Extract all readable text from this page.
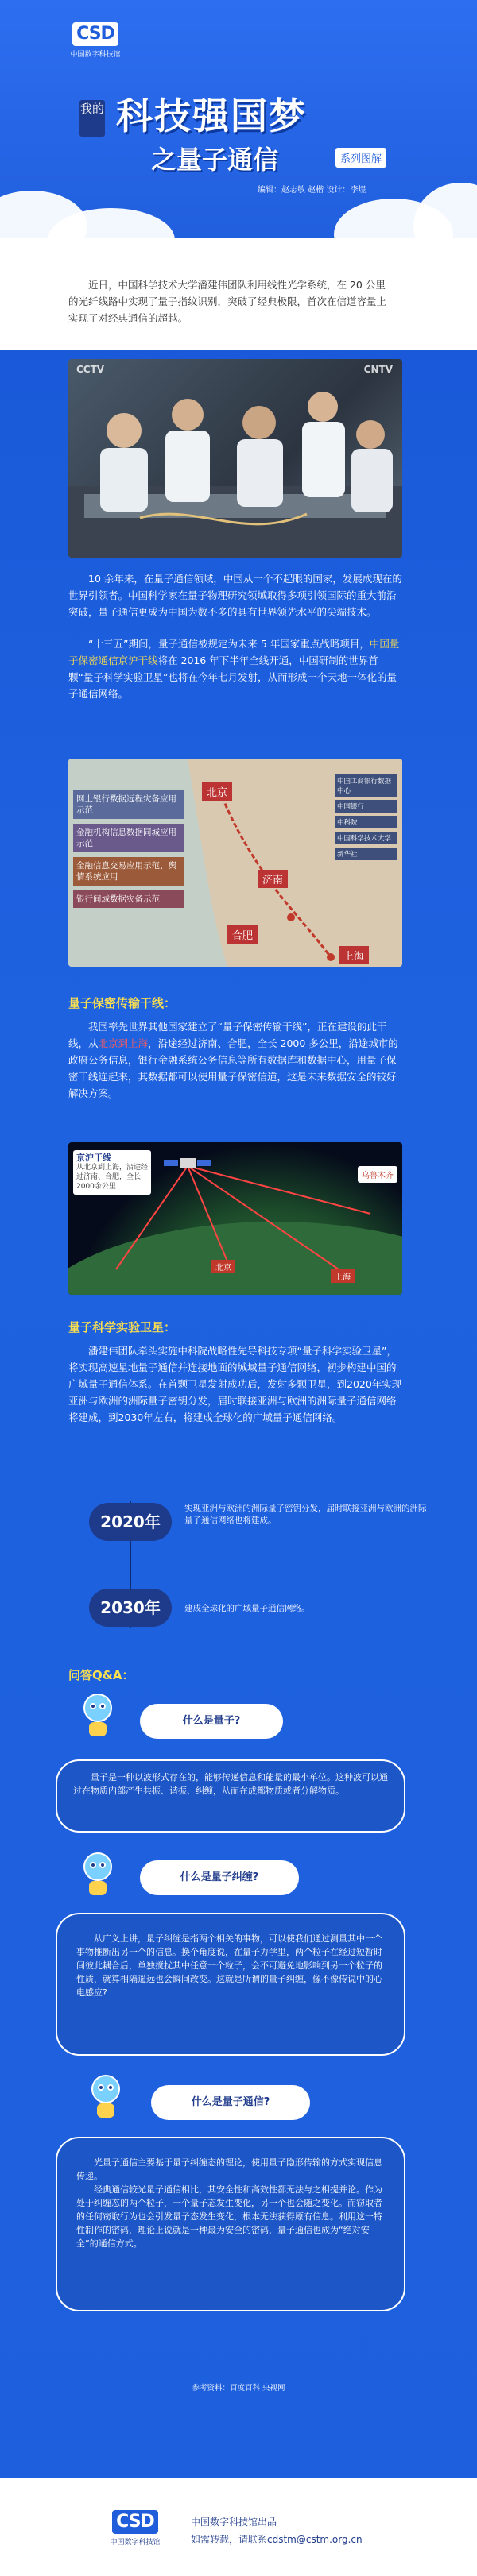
CSD
中国数字科技馆
我的 科技强国梦
之量子通信	系列图解
编辑：赵志敏 赵楷 设计：李煜

近日，中国科学技术大学潘建伟团队利用线性光学系统，在 20 公里的光纤线路中实现了量子指纹识别，突破了经典极限，首次在信道容量上实现了对经典通信的超越。

CCTV	CNTV

10 余年来，在量子通信领域，中国从一个不起眼的国家，发展成现在的世界引领者。中国科学家在量子物理研究领域取得多项引领国际的重大前沿突破，量子通信更成为中国为数不多的具有世界领先水平的尖端技术。

“十三五”期间，量子通信被规定为未来 5 年国家重点战略项目，中国量子保密通信京沪干线将在 2016 年下半年全线开通，中国研制的世界首颗“量子科学实验卫星”也将在今年七月发射，从而形成一个天地一体化的量子通信网络。

网上银行数据远程灾备应用示范
金融机构信息数据同城应用示范
金融信息交易应用示范、舆情系统应用
银行间域数据灾备示范
北京
济南
合肥
上海
中国工商银行数据中心
中国银行
中科院
中国科学技术大学
新华社
量子保密传输干线：

我国率先世界其他国家建立了“量子保密传输干线”，正在建设的此干线，从北京到上海，沿途经过济南、合肥，全长 2000 多公里，沿途城市的政府公务信息，银行金融系统公务信息等所有数据库和数据中心，用量子保密干线连起来，其数据都可以使用量子保密信道，这是未来数据安全的较好解决方案。

京沪干线
从北京到上海，沿途经过济南、合肥，全长2000余公里
乌鲁木齐
北京
上海
量子科学实验卫星：

潘建伟团队牵头实施中科院战略性先导科技专项“量子科学实验卫星”，将实现高速星地量子通信并连接地面的城域量子通信网络，初步构建中国的广域量子通信体系。在首颗卫星发射成功后，发射多颗卫星，到2020年实现亚洲与欧洲的洲际量子密钥分发，届时联接亚洲与欧洲的洲际量子通信网络将建成，到2030年左右，将建成全球化的广域量子通信网络。

2020年
实现亚洲与欧洲的洲际量子密钥分发，届时联接亚洲与欧洲的洲际量子通信网络也将建成。
2030年	建成全球化的广域量子通信网络。
问答Q&A：
什么是量子?

量子是一种以波形式存在的，能够传递信息和能量的最小单位。这种波可以通过在物质内部产生共振、谐振、纠缠，从而在成都物质或者分解物质。

什么是量子纠缠?

从广义上讲，量子纠缠是指两个相关的事物，可以使我们通过测量其中一个事物推断出另一个的信息。换个角度说，在量子力学里，两个粒子在经过短暂时间彼此耦合后，单独搅扰其中任意一个粒子，会不可避免地影响到另一个粒子的性质，就算相隔遥远也会瞬间改变。这就是所谓的量子纠缠，像不像传说中的心电感应?

什么是量子通信?

光量子通信主要基于量子纠缠态的理论，使用量子隐形传输的方式实现信息传递。

经典通信较光量子通信相比，其安全性和高效性都无法与之相提并论。作为处于纠缠态的两个粒子，一个量子态发生变化，另一个也会随之变化。而窃取者的任何窃取行为也会引发量子态发生变化，根本无法获得原有信息。利用这一特性制作的密码，理论上说就是一种最为安全的密码，量子通信也成为“绝对安全”的通信方式。

参考资料：百度百科 央视网
CSD
中国数字科技馆
中国数字科技馆出品
如需转载，请联系cdstm@cstm.org.cn
